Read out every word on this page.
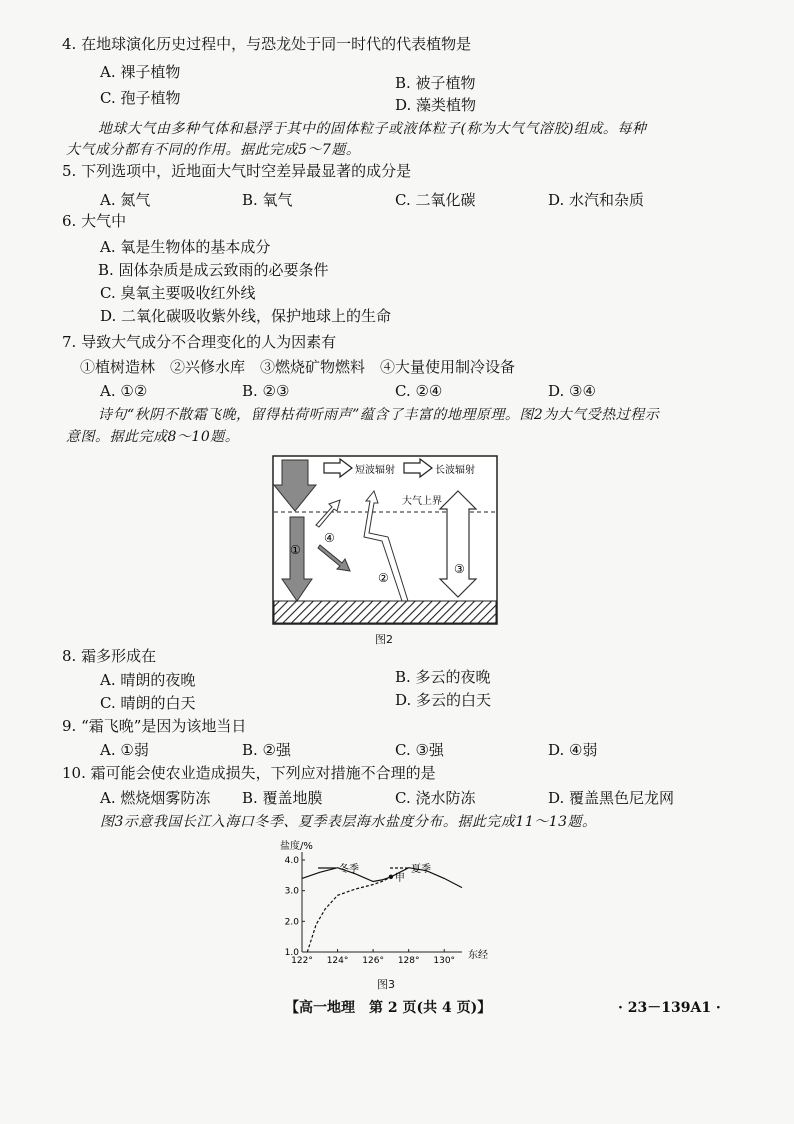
4. 在地球演化历史过程中，与恐龙处于同一时代的代表植物是
A. 裸子植物
B. 被子植物
C. 孢子植物	D. 藻类植物
地球大气由多种气体和悬浮于其中的固体粒子或液体粒子(称为大气气溶胶)组成。每种
大气成分都有不同的作用。据此完成5～7题。
5. 下列选项中，近地面大气时空差异最显著的成分是
A. 氮气	B. 氧气	C. 二氧化碳	D. 水汽和杂质
6. 大气中
A. 氧是生物体的基本成分
B. 固体杂质是成云致雨的必要条件
C. 臭氧主要吸收红外线
D. 二氧化碳吸收紫外线，保护地球上的生命
7. 导致大气成分不合理变化的人为因素有
①植树造林　②兴修水库　③燃烧矿物燃料　④大量使用制冷设备
A. ①②	B. ②③	C. ②④	D. ③④
诗句“秋阴不散霜飞晚，留得枯荷听雨声”蕴含了丰富的地理原理。图2为大气受热过程示
意图。据此完成8～10题。
短波辐射	长波辐射
大气上界
①
④
②
③
图2
8. 霜多形成在
A. 晴朗的夜晚	B. 多云的夜晚
C. 晴朗的白天	D. 多云的白天
9. “霜飞晚”是因为该地当日
A. ①弱	B. ②强	C. ③强	D. ④弱
10. 霜可能会使农业造成损失，下列应对措施不合理的是
A. 燃烧烟雾防冻 B. 覆盖地膜	C. 浇水防冻	D. 覆盖黑色尼龙网
图3示意我国长江入海口冬季、夏季表层海水盐度分布。据此完成11～13题。
盐度/%
东经
122° 124° 126° 128° 130°
1.0
2.0
3.0
4.0
冬季	夏季
甲
图3
【高一地理　第 2 页(共 4 页)】	· 23－139A1 ·
